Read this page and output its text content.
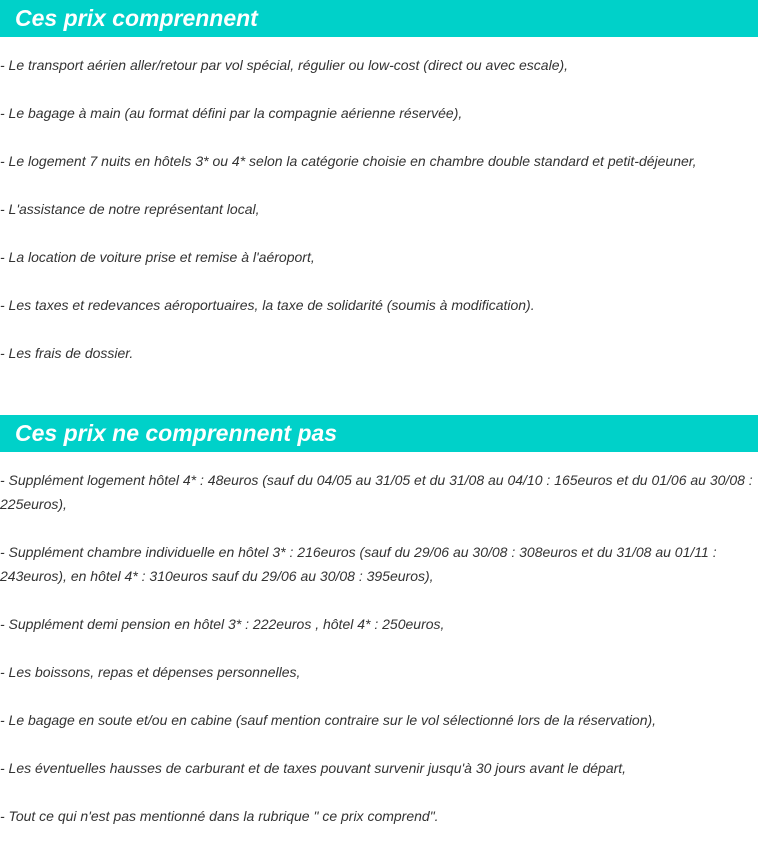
Ces prix comprennent

- Le transport aérien aller/retour par vol spécial, régulier ou low-cost (direct ou avec escale),

- Le bagage à main (au format défini par la compagnie aérienne réservée),

- Le logement 7 nuits en hôtels 3* ou 4* selon la catégorie choisie en chambre double standard et petit-déjeuner,

- L'assistance de notre représentant local,

- La location de voiture prise et remise à l'aéroport,

- Les taxes et redevances aéroportuaires, la taxe de solidarité (soumis à modification).

- Les frais de dossier.

Ces prix ne comprennent pas

- Supplément logement hôtel 4* : 48euros (sauf du 04/05 au 31/05 et du 31/08 au 04/10 : 165euros et du 01/06 au 30/08 : 225euros),

- Supplément chambre individuelle en hôtel 3* : 216euros (sauf du 29/06 au 30/08 : 308euros et du 31/08 au 01/11 : 243euros), en hôtel 4* : 310euros sauf du 29/06 au 30/08 : 395euros),

- Supplément demi pension en hôtel 3* : 222euros , hôtel 4* : 250euros,

- Les boissons, repas et dépenses personnelles,

- Le bagage en soute et/ou en cabine (sauf mention contraire sur le vol sélectionné lors de la réservation),

- Les éventuelles hausses de carburant et de taxes pouvant survenir jusqu'à 30 jours avant le départ,

- Tout ce qui n'est pas mentionné dans la rubrique " ce prix comprend".
